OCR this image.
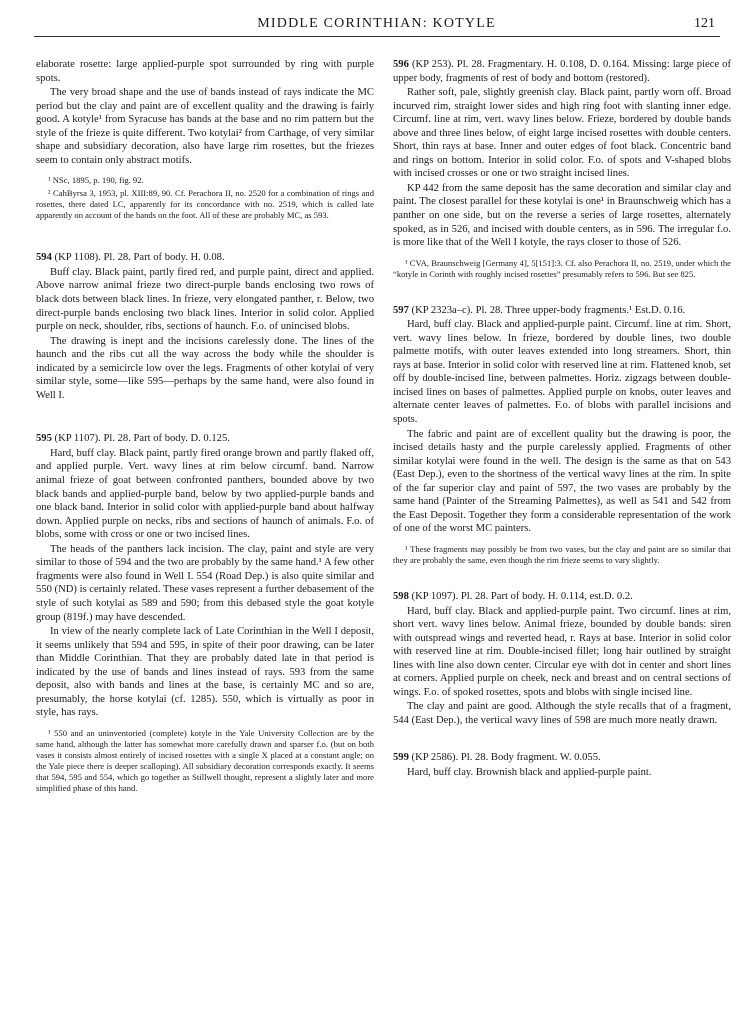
MIDDLE CORINTHIAN: KOTYLE	121

elaborate rosette: large applied-purple spot surrounded by ring with purple spots.

The very broad shape and the use of bands instead of rays indicate the MC period but the clay and paint are of excellent quality and the drawing is fairly good. A kotyle¹ from Syracuse has bands at the base and no rim pattern but the style of the frieze is quite different. Two kotylai² from Carthage, of very similar shape and subsidiary decoration, also have large rim rosettes, but the friezes seem to contain only abstract motifs.

¹ NSc, 1895, p. 190, fig. 92.

² CahByrsa 3, 1953, pl. XIII:89, 90. Cf. Perachora II, no. 2520 for a combination of rings and rosettes, there dated LC, apparently for its concordance with no. 2519, which is called late apparently on account of the bands on the foot. All of these are probably MC, as 593.

594 (KP 1108). Pl. 28. Part of body. H. 0.08.

Buff clay. Black paint, partly fired red, and purple paint, direct and applied. Above narrow animal frieze two direct-purple bands enclosing two rows of black dots between black lines. In frieze, very elongated panther, r. Below, two direct-purple bands enclosing two black lines. Interior in solid color. Applied purple on neck, shoulder, ribs, sections of haunch. F.o. of unincised blobs.

The drawing is inept and the incisions carelessly done. The lines of the haunch and the ribs cut all the way across the body while the shoulder is indicated by a semicircle low over the legs. Fragments of other kotylai of very similar style, some—like 595—perhaps by the same hand, were also found in Well I.

595 (KP 1107). Pl. 28. Part of body. D. 0.125.

Hard, buff clay. Black paint, partly fired orange brown and partly flaked off, and applied purple. Vert. wavy lines at rim below circumf. band. Narrow animal frieze of goat between confronted panthers, bounded above by two black bands and applied-purple band, below by two applied-purple bands and one black band. Interior in solid color with applied-purple band about halfway down. Applied purple on necks, ribs and sections of haunch of animals. F.o. of blobs, some with cross or one or two incised lines.

The heads of the panthers lack incision. The clay, paint and style are very similar to those of 594 and the two are probably by the same hand.¹ A few other fragments were also found in Well I. 554 (Road Dep.) is also quite similar and 550 (ND) is certainly related. These vases represent a further debasement of the style of such kotylai as 589 and 590; from this debased style the goat kotyle group (819f.) may have descended.

In view of the nearly complete lack of Late Corinthian in the Well I deposit, it seems unlikely that 594 and 595, in spite of their poor drawing, can be later than Middle Corinthian. That they are probably dated late in that period is indicated by the use of bands and lines instead of rays. 593 from the same deposit, also with bands and lines at the base, is certainly MC and so are, presumably, the horse kotylai (cf. 1285). 550, which is virtually as poor in style, has rays.

¹ 550 and an uninventoried (complete) kotyle in the Yale University Collection are by the same hand, although the latter has somewhat more carefully drawn and sparser f.o. (but on both vases it consists almost entirely of incised rosettes with a single X placed at a constant angle; on the Yale piece there is deeper scalloping). All subsidiary decoration corresponds exactly. It seems that 594, 595 and 554, which go together as Stillwell thought, represent a slightly later and more simplified phase of this hand.

596 (KP 253). Pl. 28. Fragmentary. H. 0.108, D. 0.164. Missing: large piece of upper body, fragments of rest of body and bottom (restored).

Rather soft, pale, slightly greenish clay. Black paint, partly worn off. Broad incurved rim, straight lower sides and high ring foot with slanting inner edge. Circumf. line at rim, vert. wavy lines below. Frieze, bordered by double bands above and three lines below, of eight large incised rosettes with double centers. Short, thin rays at base. Inner and outer edges of foot black. Concentric band and rings on bottom. Interior in solid color. F.o. of spots and V-shaped blobs with incised crosses or one or two straight incised lines.

KP 442 from the same deposit has the same decoration and similar clay and paint. The closest parallel for these kotylai is one¹ in Braunschweig which has a panther on one side, but on the reverse a series of large rosettes, alternately spoked, as in 526, and incised with double centers, as in 596. The irregular f.o. is more like that of the Well I kotyle, the rays closer to those of 526.

¹ CVA, Braunschweig [Germany 4], 5[151]:3. Cf. also Perachora II, no. 2519, under which the “kotyle in Corinth with roughly incised rosettes” presumably refers to 596. But see 825.

597 (KP 2323a–c). Pl. 28. Three upper-body fragments.¹ Est.D. 0.16.

Hard, buff clay. Black and applied-purple paint. Circumf. line at rim. Short, vert. wavy lines below. In frieze, bordered by double lines, two double palmette motifs, with outer leaves extended into long streamers. Short, thin rays at base. Interior in solid color with reserved line at rim. Flattened knob, set off by double-incised line, between palmettes. Horiz. zigzags between double-incised lines on bases of palmettes. Applied purple on knobs, outer leaves and alternate center leaves of palmettes. F.o. of blobs with parallel incisions and spots.

The fabric and paint are of excellent quality but the drawing is poor, the incised details hasty and the purple carelessly applied. Fragments of other similar kotylai were found in the well. The design is the same as that on 543 (East Dep.), even to the shortness of the vertical wavy lines at the rim. In spite of the far superior clay and paint of 597, the two vases are probably by the same hand (Painter of the Streaming Palmettes), as well as 541 and 542 from the East Deposit. Together they form a considerable representation of the work of one of the worst MC painters.

¹ These fragments may possibly be from two vases, but the clay and paint are so similar that they are probably the same, even though the rim frieze seems to vary slightly.

598 (KP 1097). Pl. 28. Part of body. H. 0.114, est.D. 0.2.

Hard, buff clay. Black and applied-purple paint. Two circumf. lines at rim, short vert. wavy lines below. Animal frieze, bounded by double bands: siren with outspread wings and reverted head, r. Rays at base. Interior in solid color with reserved line at rim. Double-incised fillet; long hair outlined by straight lines with line also down center. Circular eye with dot in center and short lines at corners. Applied purple on cheek, neck and breast and on central sections of wings. F.o. of spoked rosettes, spots and blobs with single incised line.

The clay and paint are good. Although the style recalls that of a fragment, 544 (East Dep.), the vertical wavy lines of 598 are much more neatly drawn.

599 (KP 2586). Pl. 28. Body fragment. W. 0.055.

Hard, buff clay. Brownish black and applied-purple paint.
